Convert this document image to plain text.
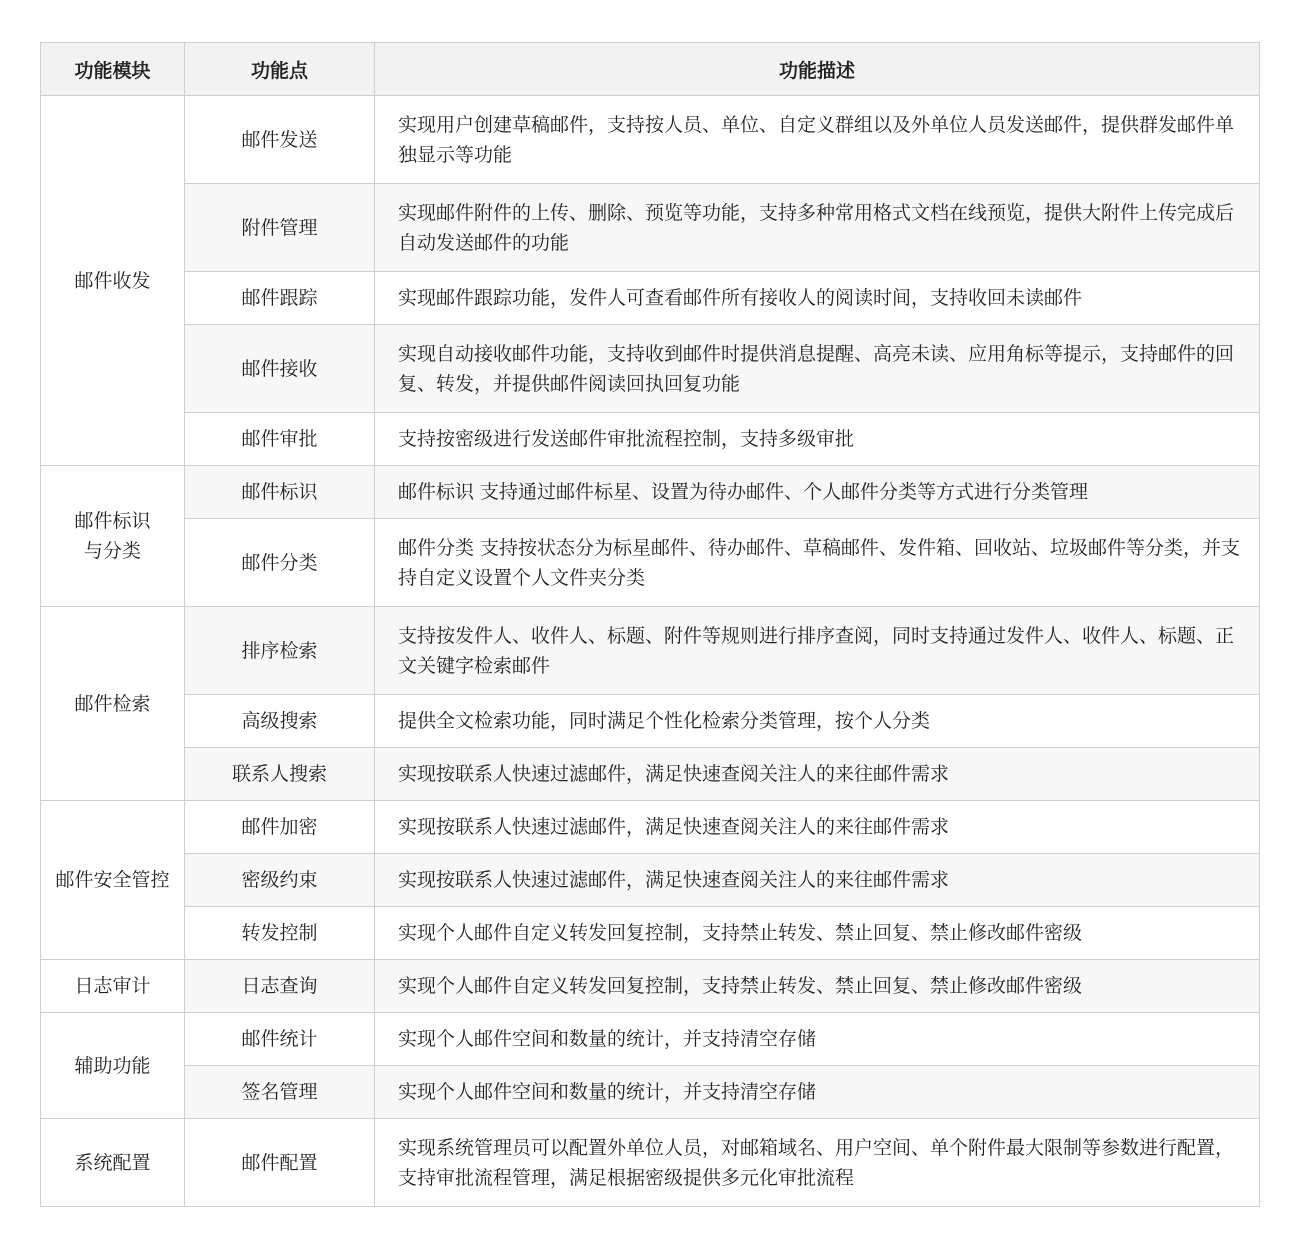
功能模块	功能点	功能描述
邮件收发	邮件发送	实现用户创建草稿邮件，支持按人员、单位、自定义群组以及外单位人员发送邮件，提供群发邮件单独显示等功能
	附件管理	实现邮件附件的上传、删除、预览等功能，支持多种常用格式文档在线预览，提供大附件上传完成后自动发送邮件的功能
	邮件跟踪	实现邮件跟踪功能，发件人可查看邮件所有接收人的阅读时间，支持收回未读邮件
	邮件接收	实现自动接收邮件功能，支持收到邮件时提供消息提醒、高亮未读、应用角标等提示，支持邮件的回复、转发，并提供邮件阅读回执回复功能
	邮件审批	支持按密级进行发送邮件审批流程控制，支持多级审批
邮件标识与分类	邮件标识	邮件标识 支持通过邮件标星、设置为待办邮件、个人邮件分类等方式进行分类管理
	邮件分类	邮件分类 支持按状态分为标星邮件、待办邮件、草稿邮件、发件箱、回收站、垃圾邮件等分类，并支持自定义设置个人文件夹分类
邮件检索	排序检索	支持按发件人、收件人、标题、附件等规则进行排序查阅，同时支持通过发件人、收件人、标题、正文关键字检索邮件
	高级搜索	提供全文检索功能，同时满足个性化检索分类管理，按个人分类
	联系人搜索	实现按联系人快速过滤邮件，满足快速查阅关注人的来往邮件需求
邮件安全管控	邮件加密	实现按联系人快速过滤邮件，满足快速查阅关注人的来往邮件需求
	密级约束	实现按联系人快速过滤邮件，满足快速查阅关注人的来往邮件需求
	转发控制	实现个人邮件自定义转发回复控制，支持禁止转发、禁止回复、禁止修改邮件密级
日志审计	日志查询	实现个人邮件自定义转发回复控制，支持禁止转发、禁止回复、禁止修改邮件密级
辅助功能	邮件统计	实现个人邮件空间和数量的统计，并支持清空存储
	签名管理	实现个人邮件空间和数量的统计，并支持清空存储
系统配置	邮件配置	实现系统管理员可以配置外单位人员，对邮箱域名、用户空间、单个附件最大限制等参数进行配置，支持审批流程管理，满足根据密级提供多元化审批流程
